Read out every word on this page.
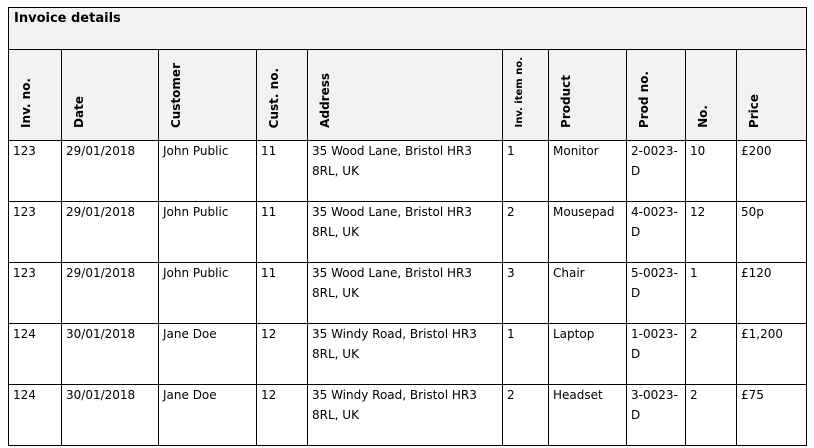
Invoice details									
Inv. no.	Date	Customer	Cust. no.	Address	Inv. item no.	Product	Prod no.	No.	Price
123	29/01/2018	John Public	11	35 Wood Lane, Bristol HR3 8RL, UK	1	Monitor	2-0023-D	10	£200
123	29/01/2018	John Public	11	35 Wood Lane, Bristol HR3 8RL, UK	2	Mousepad	4-0023-D	12	50p
123	29/01/2018	John Public	11	35 Wood Lane, Bristol HR3 8RL, UK	3	Chair	5-0023-D	1	£120
124	30/01/2018	Jane Doe	12	35 Windy Road, Bristol HR3 8RL, UK	1	Laptop	1-0023-D	2	£1,200
124	30/01/2018	Jane Doe	12	35 Windy Road, Bristol HR3 8RL, UK	2	Headset	3-0023-D	2	£75
